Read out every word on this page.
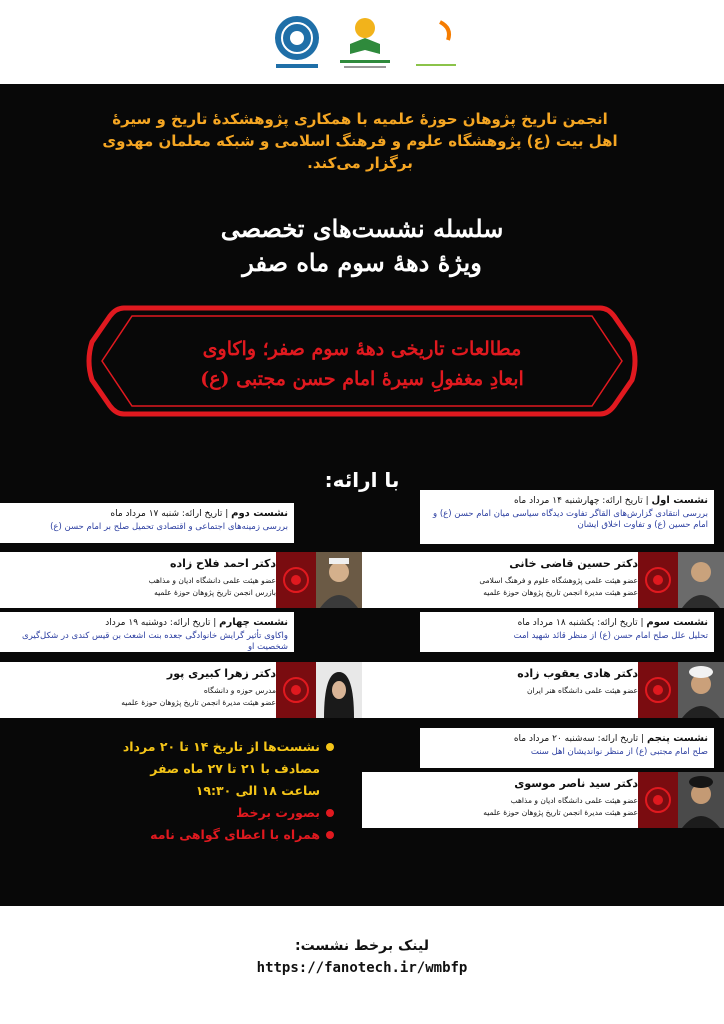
انجمن تاریخ پژوهان حوزهٔ علمیه با همکاری پژوهشکدهٔ تاریخ و سیرهٔ اهل بیت (ع) پژوهشگاه علوم و فرهنگ اسلامی و شبکه معلمان مهدوی برگزار می‌کند.
سلسله نشست‌های تخصصی
ویژهٔ دههٔ سوم ماه صفر
مطالعات تاریخی دههٔ سوم صفر؛ واکاوی
ابعادِ مغفولِ سیرهٔ امام حسن مجتبی (ع)
با ارائه:
نشست اول | تاریخ ارائه: چهارشنبه ۱۴ مرداد ماه
بررسی انتقادی گزارش‌های القاگر تفاوت دیدگاه سیاسی میان امام حسن (ع) و امام حسین (ع) و تفاوت اخلاق ایشان
دکتر حسین قاضی خانی
عضو هیئت علمی پژوهشگاه علوم و فرهنگ اسلامی
عضو هیئت مدیرهٔ انجمن تاریخ پژوهان حوزهٔ علمیه
نشست دوم | تاریخ ارائه: شنبه ۱۷ مرداد ماه
بررسی زمینه‌های اجتماعی و اقتصادی تحمیل صلح بر امام حسن (ع)
دکتر احمد فلاح زاده
عضو هیئت علمی دانشگاه ادیان و مذاهب
بازرس انجمن تاریخ پژوهان حوزهٔ علمیه
نشست سوم | تاریخ ارائه: یکشنبه ۱۸ مرداد ماه
تحلیل علل صلح امام حسن (ع) از منظر قائد شهید امت
دکتر هادی یعقوب زاده
عضو هیئت علمی دانشگاه هنر ایران
نشست چهارم | تاریخ ارائه: دوشنبه ۱۹ مرداد
واکاوی تأثیر گرایش خانوادگی جعده بنت اشعث بن قیس کندی در شکل‌گیری شخصیت او
دکتر زهرا کبیری پور
مدرس حوزه و دانشگاه
عضو هیئت مدیرهٔ انجمن تاریخ پژوهان حوزهٔ علمیه
نشست پنجم | تاریخ ارائه: سه‌شنبه ۲۰ مرداد ماه
صلح امام مجتبی (ع) از منظر نواندیشان اهل سنت
دکتر سید ناصر موسوی
عضو هیئت علمی دانشگاه ادیان و مذاهب
عضو هیئت مدیرهٔ انجمن تاریخ پژوهان حوزهٔ علمیه
نشست‌ها از تاریخ ۱۴ تا ۲۰ مرداد
مصادف با ۲۱ تا ۲۷ ماه صفر
ساعت ۱۸ الی ۱۹:۳۰
بصورت برخط
همراه با اعطای گواهی نامه
لینک برخط نشست:
https://fanotech.ir/wmbfp
